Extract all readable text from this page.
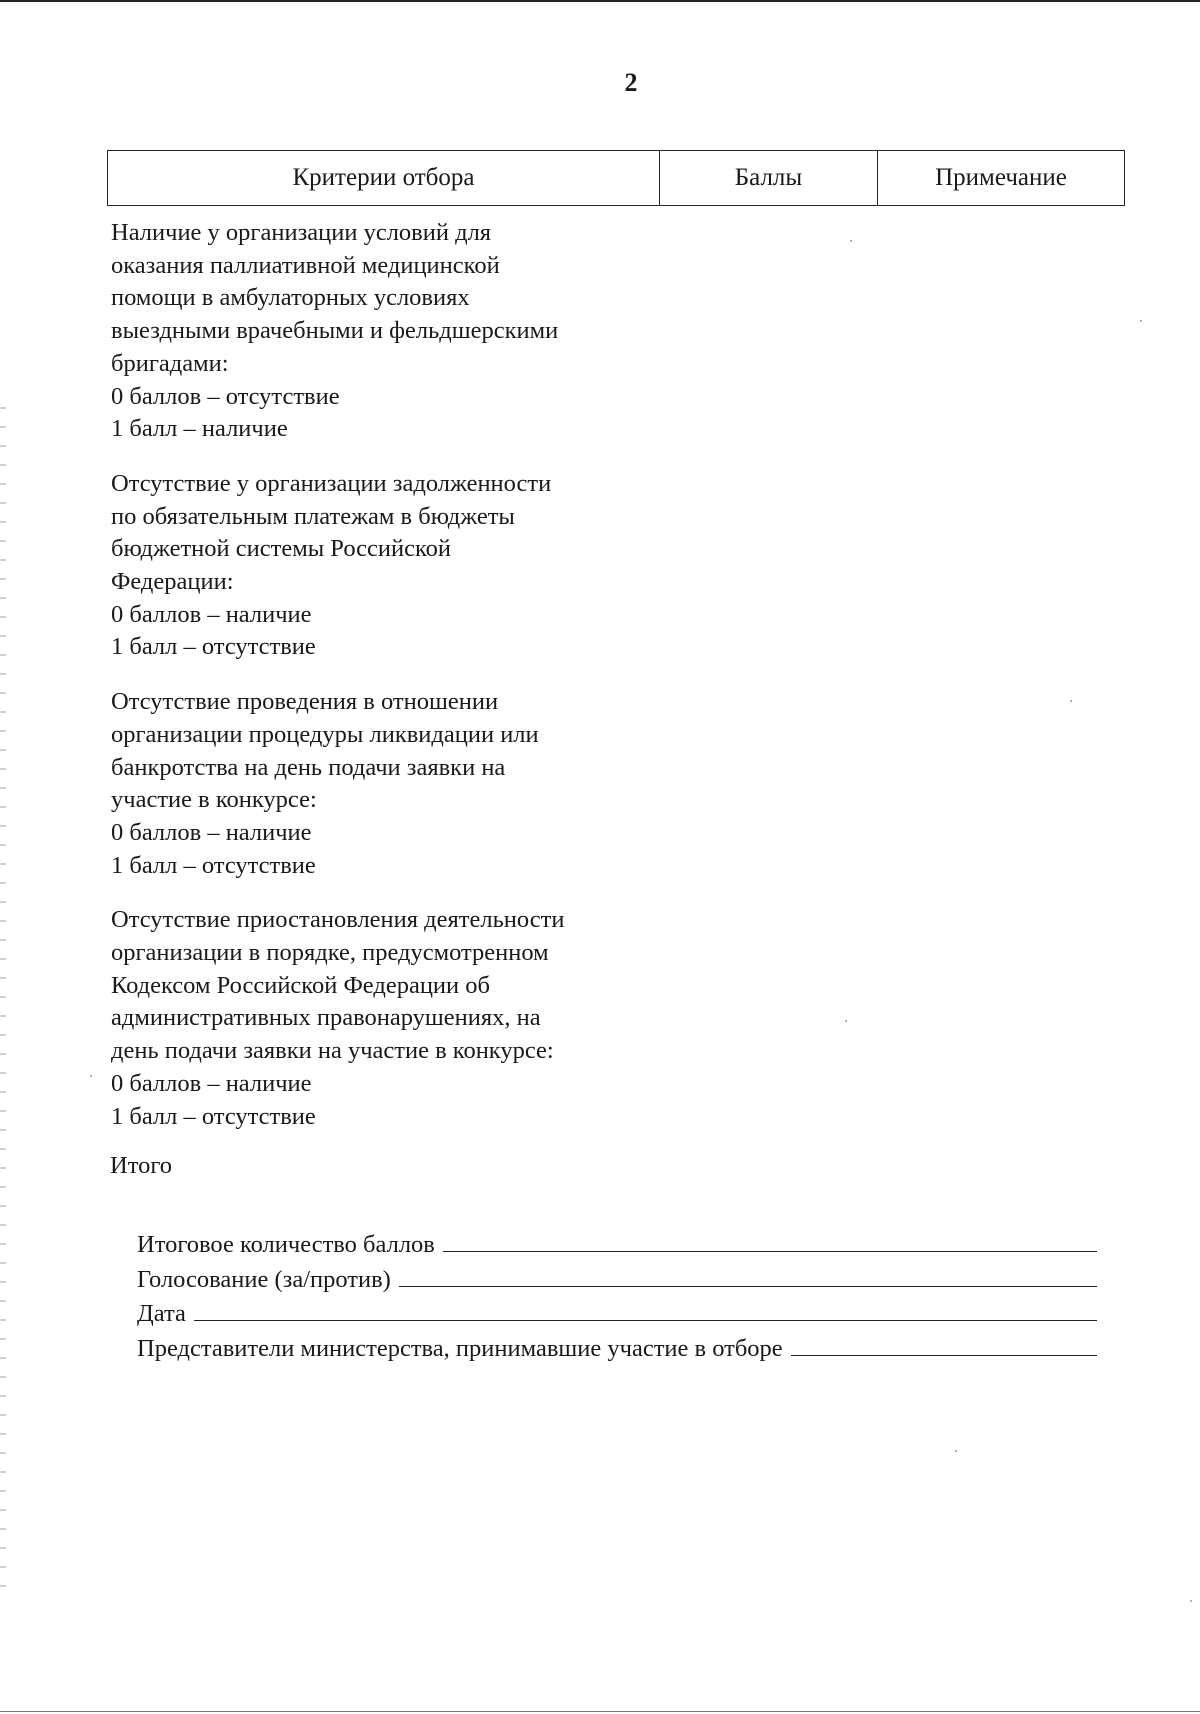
2
Критерии отбора	Баллы	Примечание
Наличие у организации условий для
оказания паллиативной медицинской
помощи в амбулаторных условиях
выездными врачебными и фельдшерскими
бригадами:
0 баллов – отсутствие
1 балл – наличие
Отсутствие у организации задолженности
по обязательным платежам в бюджеты
бюджетной системы Российской
Федерации:
0 баллов – наличие
1 балл – отсутствие
Отсутствие проведения в отношении
организации процедуры ликвидации или
банкротства на день подачи заявки на
участие в конкурсе:
0 баллов – наличие
1 балл – отсутствие
Отсутствие приостановления деятельности
организации в порядке, предусмотренном
Кодексом Российской Федерации об
административных правонарушениях, на
день подачи заявки на участие в конкурсе:
0 баллов – наличие
1 балл – отсутствие
Итого
Итоговое количество баллов
Голосование (за/против)
Дата
Представители министерства, принимавшие участие в отборе
